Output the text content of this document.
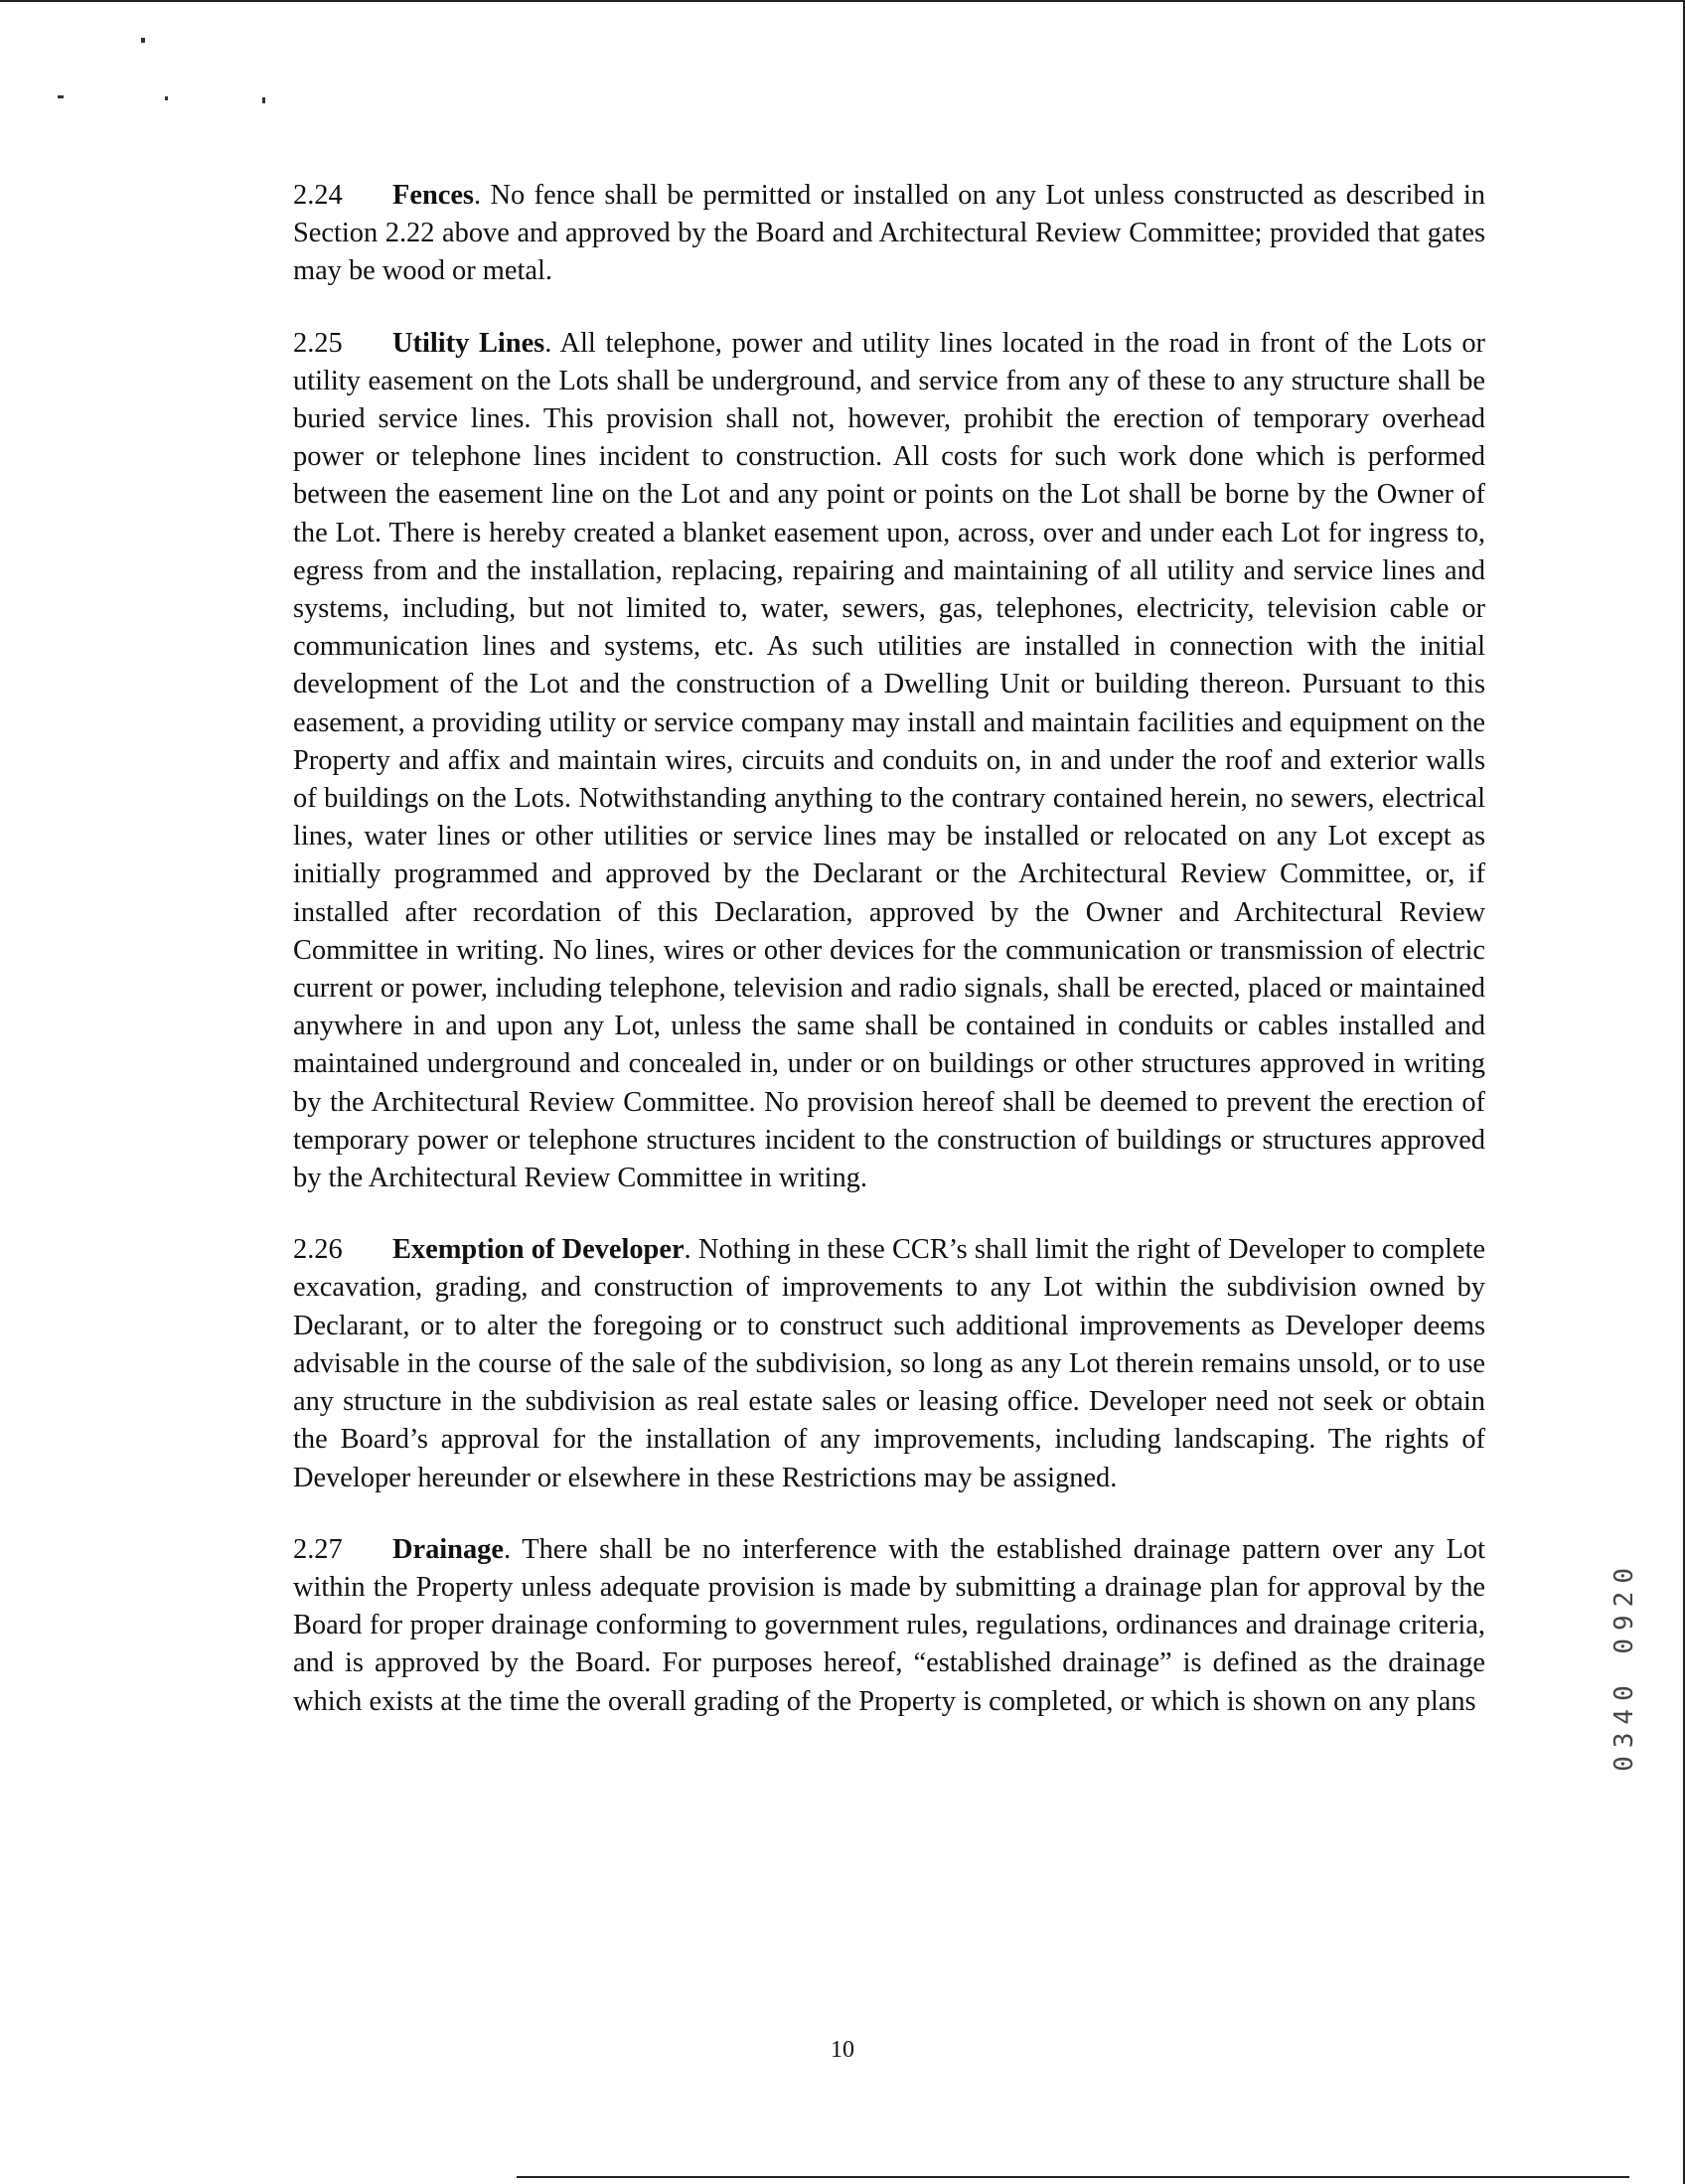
2.24 Fences. No fence shall be permitted or installed on any Lot unless constructed as described in Section 2.22 above and approved by the Board and Architectural Review Committee; provided that gates may be wood or metal.

2.25 Utility Lines. All telephone, power and utility lines located in the road in front of the Lots or utility easement on the Lots shall be underground, and service from any of these to any structure shall be buried service lines. This provision shall not, however, prohibit the erection of temporary overhead power or telephone lines incident to construction. All costs for such work done which is performed between the easement line on the Lot and any point or points on the Lot shall be borne by the Owner of the Lot. There is hereby created a blanket easement upon, across, over and under each Lot for ingress to, egress from and the installation, replacing, repairing and maintaining of all utility and service lines and systems, including, but not limited to, water, sewers, gas, telephones, electricity, television cable or communication lines and systems, etc. As such utilities are installed in connection with the initial development of the Lot and the construction of a Dwelling Unit or building thereon. Pursuant to this easement, a providing utility or service company may install and maintain facilities and equipment on the Property and affix and maintain wires, circuits and conduits on, in and under the roof and exterior walls of buildings on the Lots. Notwithstanding anything to the contrary contained herein, no sewers, electrical lines, water lines or other utilities or service lines may be installed or relocated on any Lot except as initially programmed and approved by the Declarant or the Architectural Review Committee, or, if installed after recordation of this Declaration, approved by the Owner and Architectural Review Committee in writing. No lines, wires or other devices for the communication or transmission of electric current or power, including telephone, television and radio signals, shall be erected, placed or maintained anywhere in and upon any Lot, unless the same shall be contained in conduits or cables installed and maintained underground and concealed in, under or on buildings or other structures approved in writing by the Architectural Review Committee. No provision hereof shall be deemed to prevent the erection of temporary power or telephone structures incident to the construction of buildings or structures approved by the Architectural Review Committee in writing.

2.26 Exemption of Developer. Nothing in these CCR’s shall limit the right of Developer to complete excavation, grading, and construction of improvements to any Lot within the subdivision owned by Declarant, or to alter the foregoing or to construct such additional improvements as Developer deems advisable in the course of the sale of the subdivision, so long as any Lot therein remains unsold, or to use any structure in the subdivision as real estate sales or leasing office. Developer need not seek or obtain the Board’s approval for the installation of any improvements, including landscaping. The rights of Developer hereunder or elsewhere in these Restrictions may be assigned.

2.27 Drainage. There shall be no interference with the established drainage pattern over any Lot within the Property unless adequate provision is made by submitting a drainage plan for approval by the Board for proper drainage conforming to government rules, regulations, ordinances and drainage criteria, and is approved by the Board. For purposes hereof, “established drainage” is defined as the drainage which exists at the time the overall grading of the Property is completed, or which is shown on any plans	0340 0920
10
